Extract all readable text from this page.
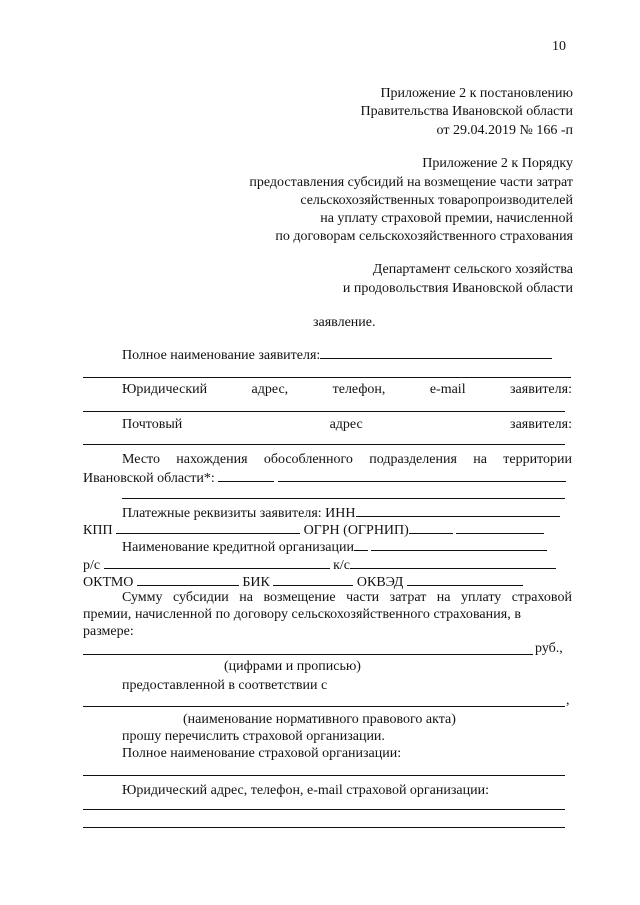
10
Приложение 2 к постановлению
Правительства Ивановской области
от 29.04.2019 № 166 -п
Приложение 2 к Порядку
предоставления субсидий на возмещение части затрат
сельскохозяйственных товаропроизводителей
на уплату страховой премии, начисленной
по договорам сельскохозяйственного страхования
Департамент сельского хозяйства
и продовольствия Ивановской области
заявление.
Полное наименование заявителя:
Юридический	адрес,	телефон,	e-mail	заявителя:
Почтовый	адрес	заявителя:
Место нахождения обособленного подразделения на территории
Ивановской области*:
Платежные реквизиты заявителя: ИНН
КПП	ОГРН (ОГРНИП)
Наименование кредитной организации
р/с	к/с
ОКТМО	БИК	ОКВЭД
Сумму субсидии на возмещение части затрат на уплату страховой
премии, начисленной по договору сельскохозяйственного страхования, в
размере:
руб.,
(цифрами и прописью)
предоставленной в соответствии с
,
(наименование нормативного правового акта)
прошу перечислить страховой организации.
Полное наименование страховой организации:
Юридический адрес, телефон, e-mail страховой организации:
